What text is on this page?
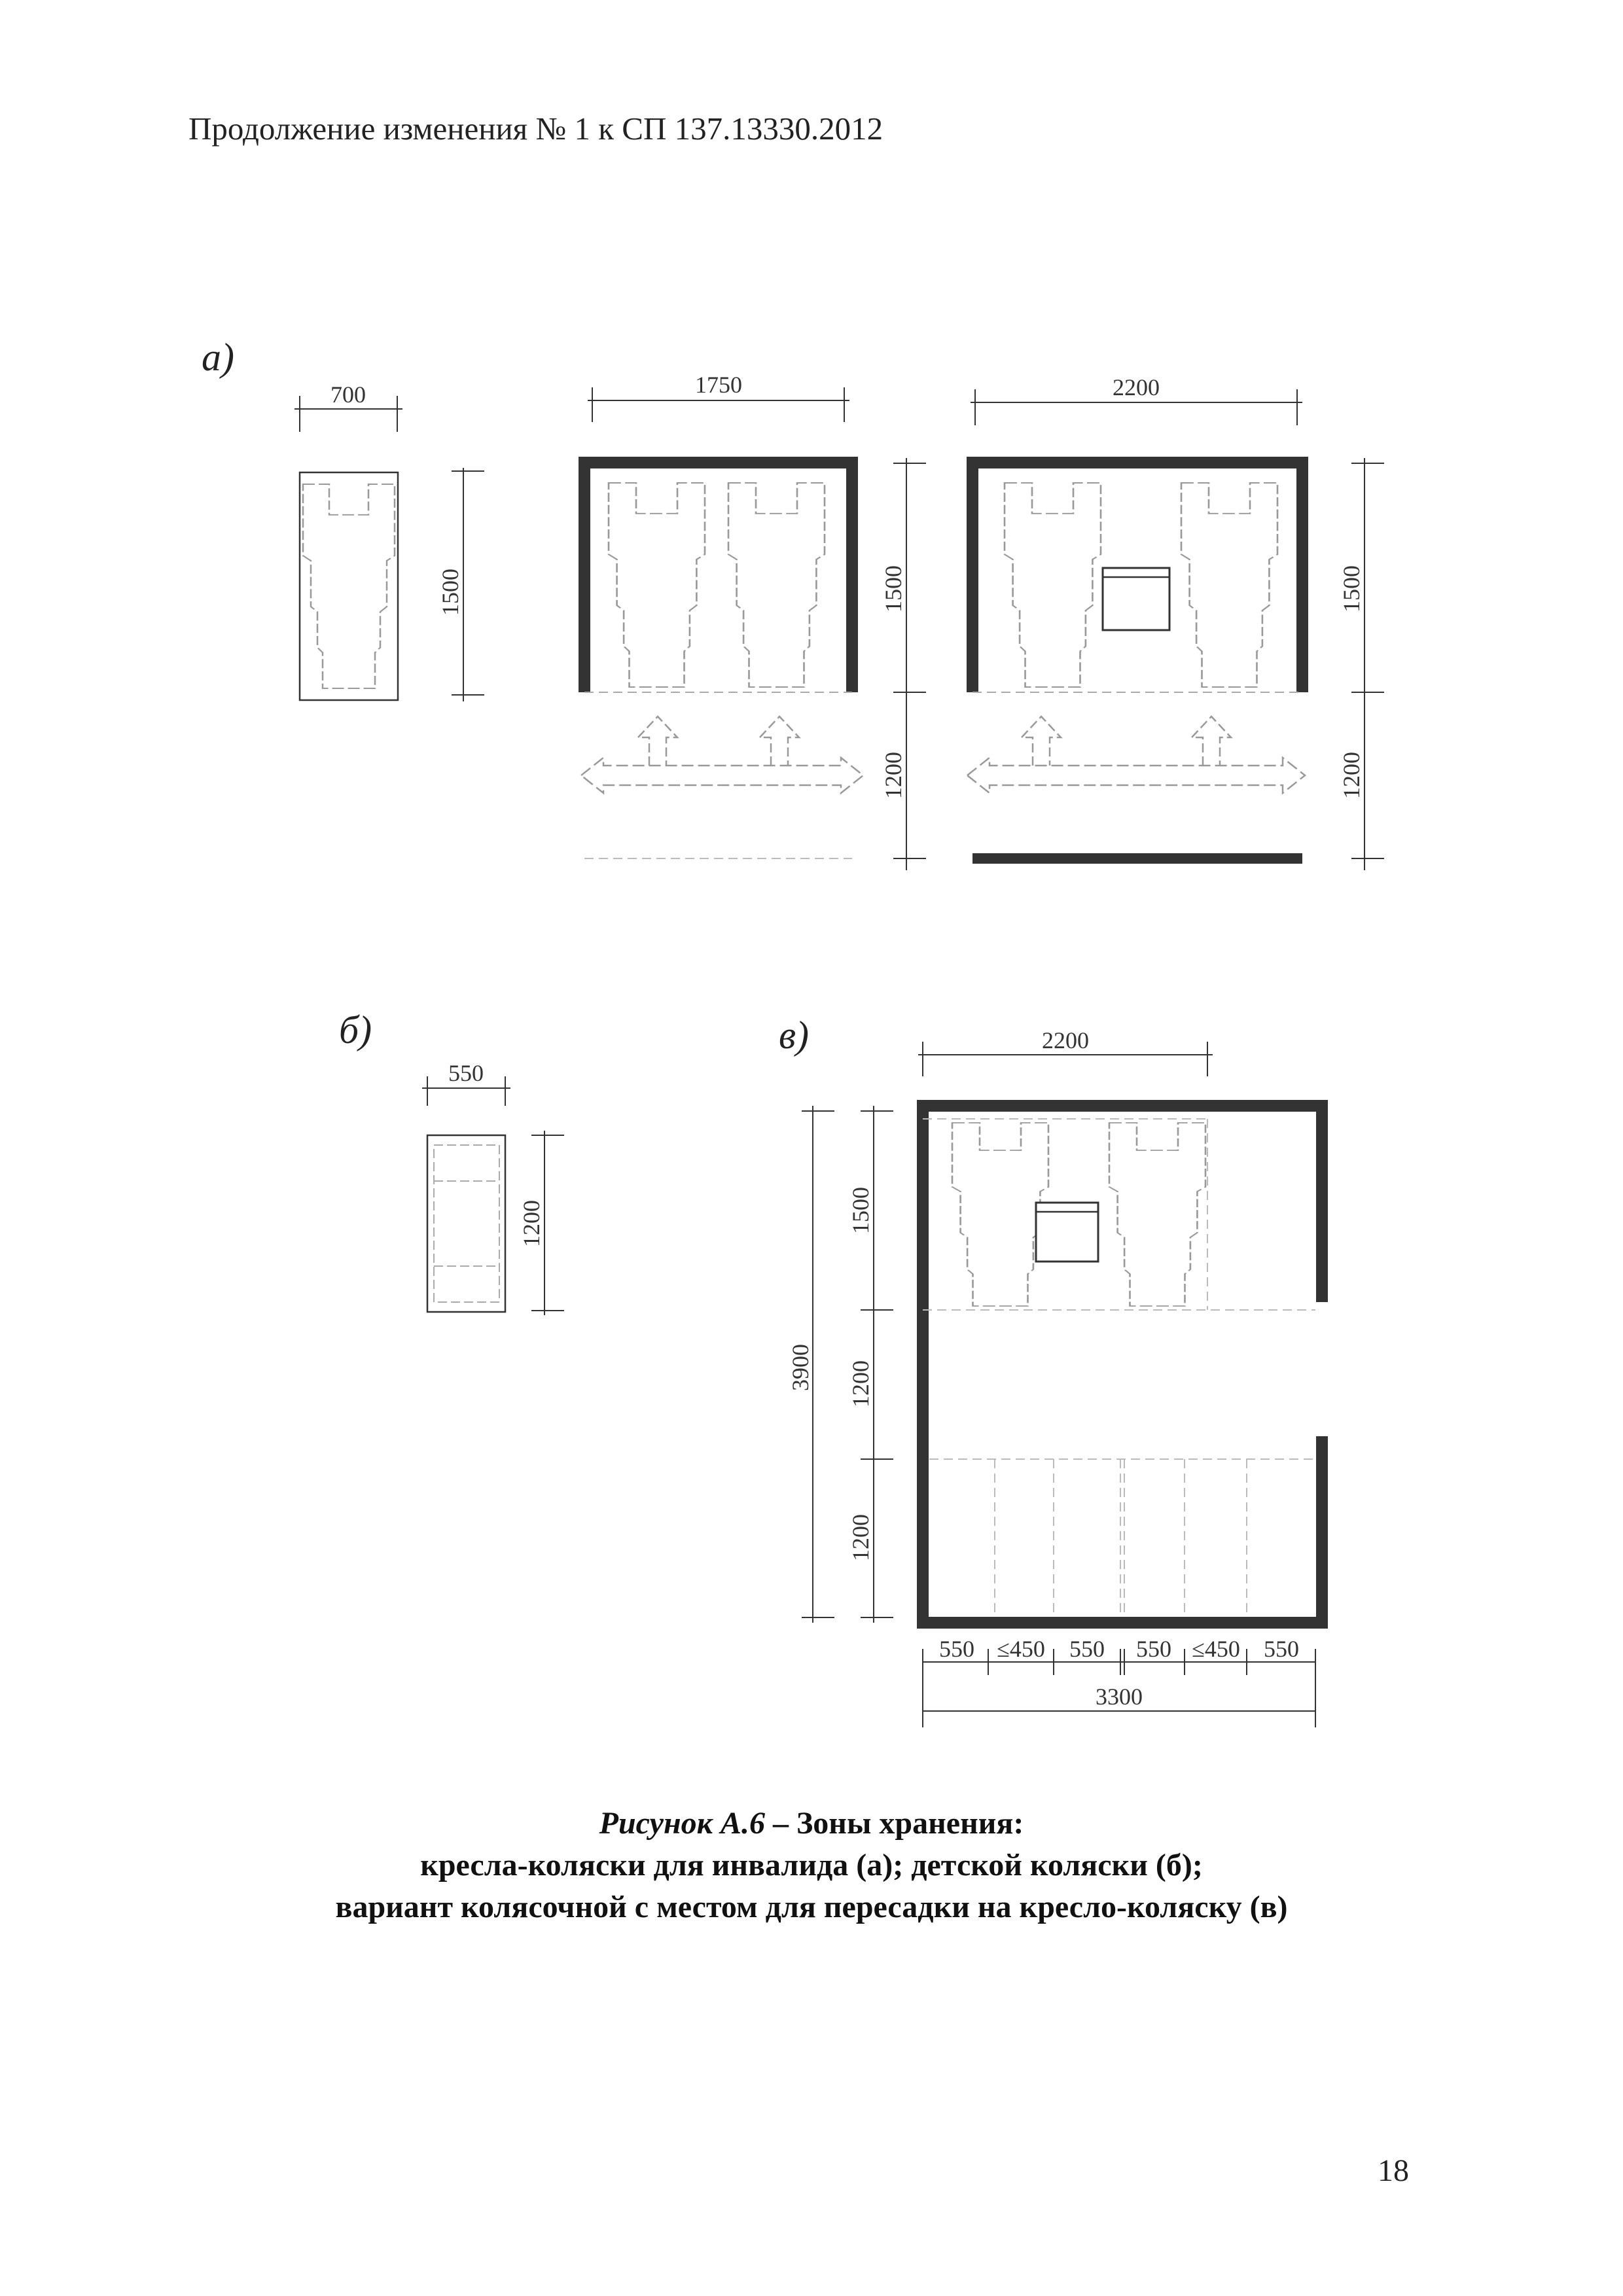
Продолжение изменения № 1 к СП 137.13330.2012
а)
б)	в)
700
1500
1750
1500
1200
2200
1500
1200
550
1200
2200
3900
1500
1200
1200
550 ≤450 550 550 ≤450 550
3300
Рисунок А.6 – Зоны хранения:
кресла-коляски для инвалида (а); детской коляски (б);
вариант колясочной с местом для пересадки на кресло-коляску (в)
18
